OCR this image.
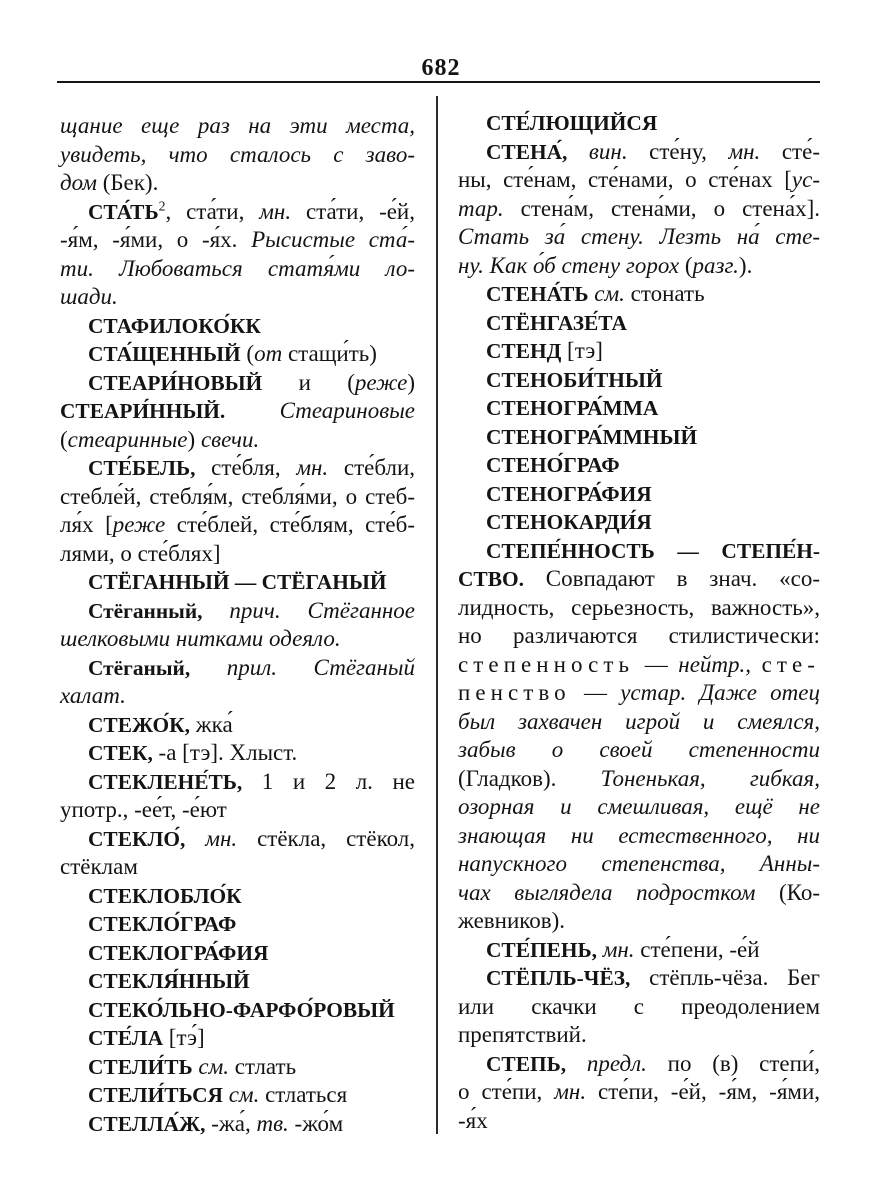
682
щание еще раз на эти места,
увидеть, что сталось с заво-
дом (Бек).
$СТА́ТЬ^2$, ста́ти, мн. ста́ти, -е́й,
-я́м, -я́ми, о -я́х. Рысистые ста́-
ти. Любоваться статя́ми ло-
шади.
СТАФИЛОКО́КК
СТА́ЩЕННЫЙ (от стащи́ть)
СТЕАРИ́НОВЫЙ и (реже)
СТЕАРИ́ННЫЙ. Стеариновые
(стеаринные) свечи.
СТЕ́БЕЛЬ, сте́бля, мн. сте́бли,
стебле́й, стебля́м, стебля́ми, о стеб-
ля́х [реже сте́блей, сте́блям, сте́б-
лями, о сте́блях]
СТЁГАННЫЙ — СТЁГАНЫЙ
Стёганный, прич. Стёганное
шелковыми нитками одеяло.
Стёганый, прил. Стёганый
халат.
СТЕЖО́К, жка́
СТЕК, -а [тэ]. Хлыст.
СТЕКЛЕНЕ́ТЬ, 1 и 2 л. не
употр., -ее́т, -е́ют
СТЕКЛО́, мн. стёкла, стёкол,
стёклам
СТЕКЛОБЛО́К
СТЕКЛО́ГРАФ
СТЕКЛОГРА́ФИЯ
СТЕКЛЯ́ННЫЙ
СТЕКО́ЛЬНО-ФАРФО́РОВЫЙ
СТЕ́ЛА [тэ́]
СТЕЛИ́ТЬ см. стлать
СТЕЛИ́ТЬСЯ см. стлаться
СТЕЛЛА́Ж, -жа́, тв. -жо́м
СТЕ́ЛЮЩИЙСЯ
СТЕНА́, вин. сте́ну, мн. сте́-
ны, сте́нам, сте́нами, о сте́нах [ус-
тар. стена́м, стена́ми, о стена́х].
Стать за́ стену. Лезть на́ сте-
ну. Как о́б стену горох (разг.).
СТЕНА́ТЬ см. стонать
СТЁНГАЗЕ́ТА
СТЕНД [тэ]
СТЕНОБИ́ТНЫЙ
СТЕНОГРА́ММА
СТЕНОГРА́ММНЫЙ
СТЕНО́ГРАФ
СТЕНОГРА́ФИЯ
СТЕНОКАРДИ́Я
СТЕПЕ́ННОСТЬ — СТЕПЕ́Н-
СТВО. Совпадают в знач. «со-
лидность, серьезность, важность»,
но различаются стилистически:
степенность — нейтр., сте-
пенство — устар. Даже отец
был захвачен игрой и смеялся,
забыв о своей степенности
(Гладков). Тоненькая, гибкая,
озорная и смешливая, ещё не
знающая ни естественного, ни
напускного степенства, Анны-
чах выглядела подростком (Ко-
жевников).
СТЕ́ПЕНЬ, мн. сте́пени, -е́й
СТЁПЛЬ-ЧЁЗ, стёпль-чёза. Бег
или скачки с преодолением
препятствий.
СТЕПЬ, предл. по (в) степи́,
о сте́пи, мн. сте́пи, -е́й, -я́м, -я́ми,
-я́х
